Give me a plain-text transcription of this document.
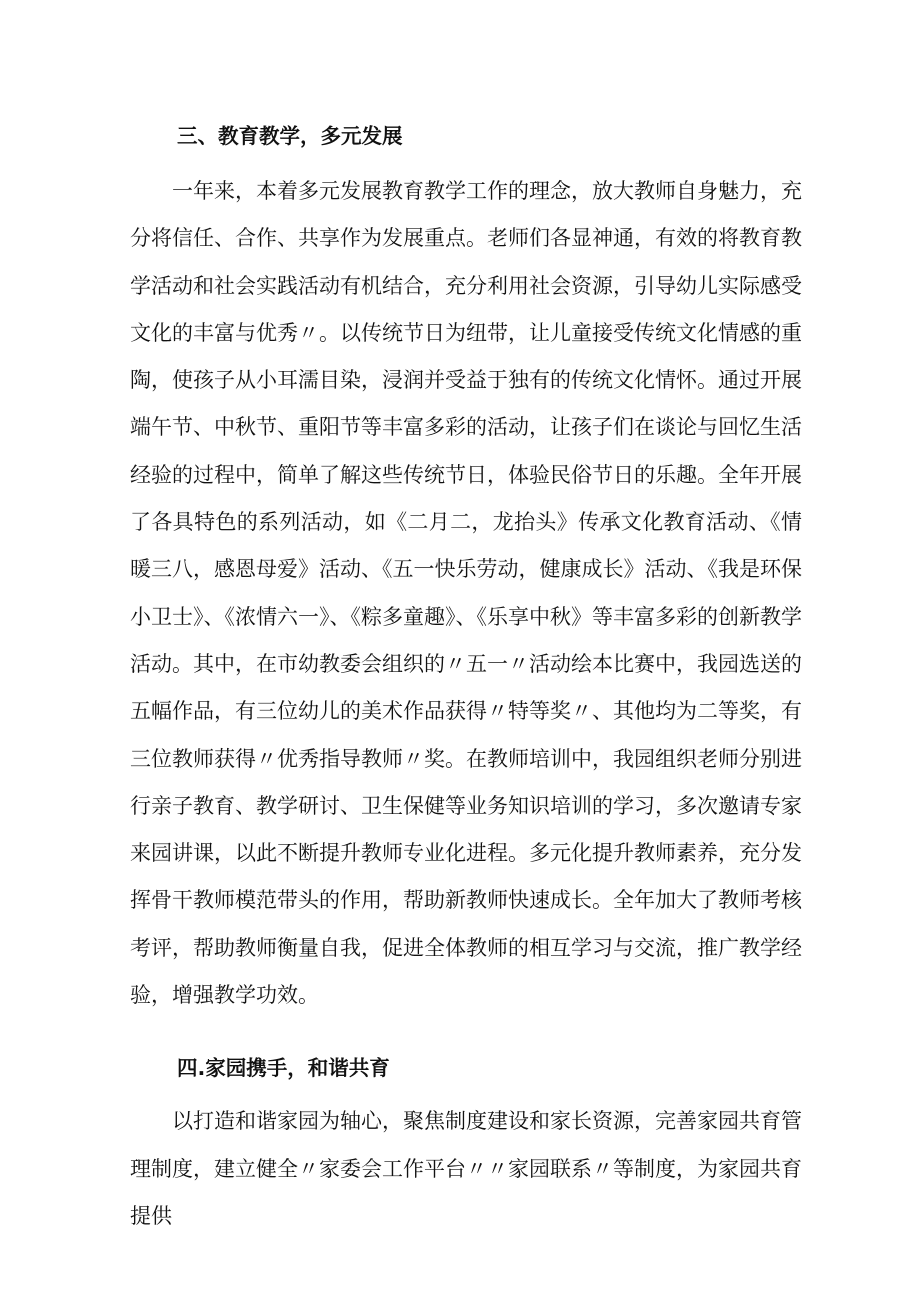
三、教育教学，多元发展

一年来，本着多元发展教育教学工作的理念，放大教师自身魅力，充分将信任、合作、共享作为发展重点。老师们各显神通，有效的将教育教学活动和社会实践活动有机结合，充分利用社会资源，引导幼儿实际感受文化的丰富与优秀〃。以传统节日为纽带，让儿童接受传统文化情感的重陶，使孩子从小耳濡目染，浸润并受益于独有的传统文化情怀。通过开展端午节、中秋节、重阳节等丰富多彩的活动，让孩子们在谈论与回忆生活经验的过程中，简单了解这些传统节日，体验民俗节日的乐趣。全年开展了各具特色的系列活动，如《二月二，龙抬头》传承文化教育活动、《情暖三八，感恩母爱》活动、《五一快乐劳动，健康成长》活动、《我是环保小卫士》、《浓情六一》、《粽多童趣》、《乐享中秋》等丰富多彩的创新教学活动。其中，在市幼教委会组织的〃五一〃活动绘本比赛中，我园选送的五幅作品，有三位幼儿的美术作品获得〃特等奖〃、其他均为二等奖，有三位教师获得〃优秀指导教师〃奖。在教师培训中，我园组织老师分别进行亲子教育、教学研讨、卫生保健等业务知识培训的学习，多次邀请专家来园讲课，以此不断提升教师专业化进程。多元化提升教师素养，充分发挥骨干教师模范带头的作用，帮助新教师快速成长。全年加大了教师考核考评，帮助教师衡量自我，促进全体教师的相互学习与交流，推广教学经验，增强教学功效。

四.家园携手，和谐共育

以打造和谐家园为轴心，聚焦制度建设和家长资源，完善家园共育管理制度，建立健全〃家委会工作平台〃〃家园联系〃等制度，为家园共育提供
